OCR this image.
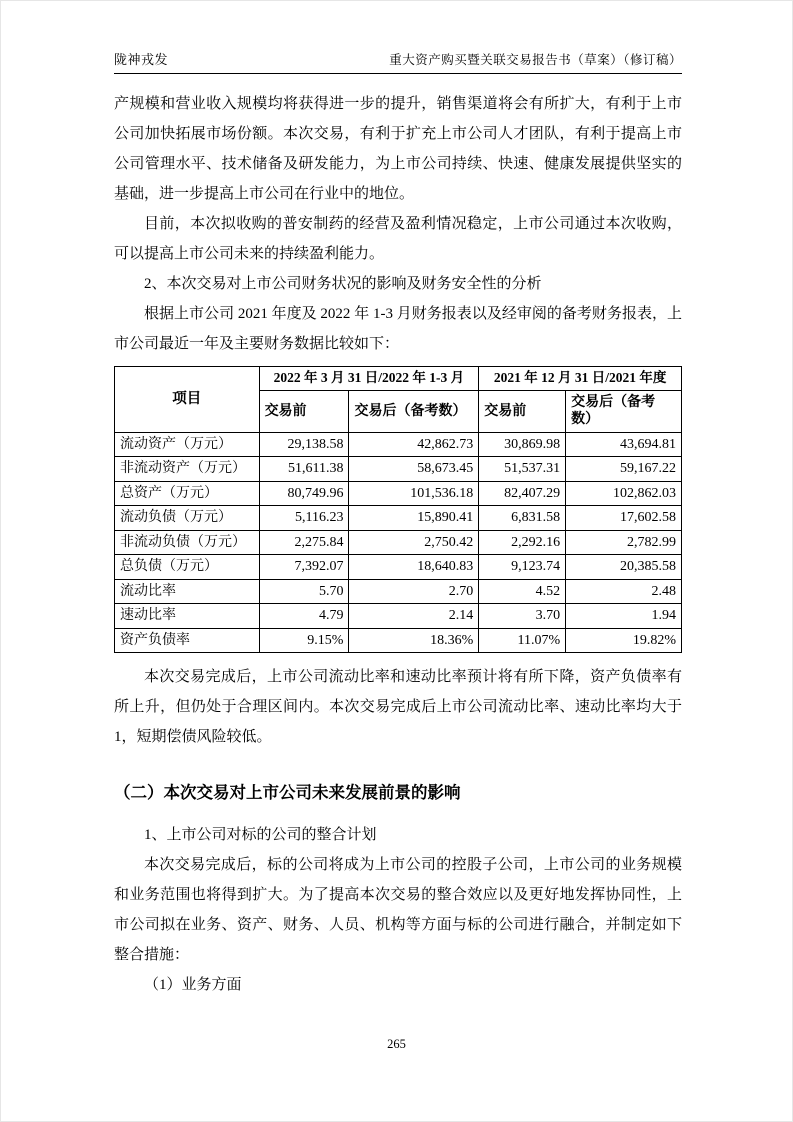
陇神戎发	重大资产购买暨关联交易报告书（草案）（修订稿）

产规模和营业收入规模均将获得进一步的提升，销售渠道将会有所扩大，有利于上市公司加快拓展市场份额。本次交易，有利于扩充上市公司人才团队，有利于提高上市公司管理水平、技术储备及研发能力，为上市公司持续、快速、健康发展提供坚实的基础，进一步提高上市公司在行业中的地位。

目前，本次拟收购的普安制药的经营及盈利情况稳定，上市公司通过本次收购，可以提高上市公司未来的持续盈利能力。

2、本次交易对上市公司财务状况的影响及财务安全性的分析

根据上市公司 2021 年度及 2022 年 1-3 月财务报表以及经审阅的备考财务报表，上市公司最近一年及主要财务数据比较如下：

项目	2022 年 3 月 31 日/2022 年 1-3 月		2021 年 12 月 31 日/2021 年度	
	交易前	交易后（备考数）	交易前	交易后（备考数）
流动资产（万元）	29,138.58	42,862.73	30,869.98	43,694.81
非流动资产（万元）	51,611.38	58,673.45	51,537.31	59,167.22
总资产（万元）	80,749.96	101,536.18	82,407.29	102,862.03
流动负债（万元）	5,116.23	15,890.41	6,831.58	17,602.58
非流动负债（万元）	2,275.84	2,750.42	2,292.16	2,782.99
总负债（万元）	7,392.07	18,640.83	9,123.74	20,385.58
流动比率	5.70	2.70	4.52	2.48
速动比率	4.79	2.14	3.70	1.94
资产负债率	9.15%	18.36%	11.07%	19.82%

本次交易完成后，上市公司流动比率和速动比率预计将有所下降，资产负债率有所上升，但仍处于合理区间内。本次交易完成后上市公司流动比率、速动比率均大于 1，短期偿债风险较低。

（二）本次交易对上市公司未来发展前景的影响

1、上市公司对标的公司的整合计划

本次交易完成后，标的公司将成为上市公司的控股子公司，上市公司的业务规模和业务范围也将得到扩大。为了提高本次交易的整合效应以及更好地发挥协同性，上市公司拟在业务、资产、财务、人员、机构等方面与标的公司进行融合，并制定如下整合措施：

（1）业务方面

265
